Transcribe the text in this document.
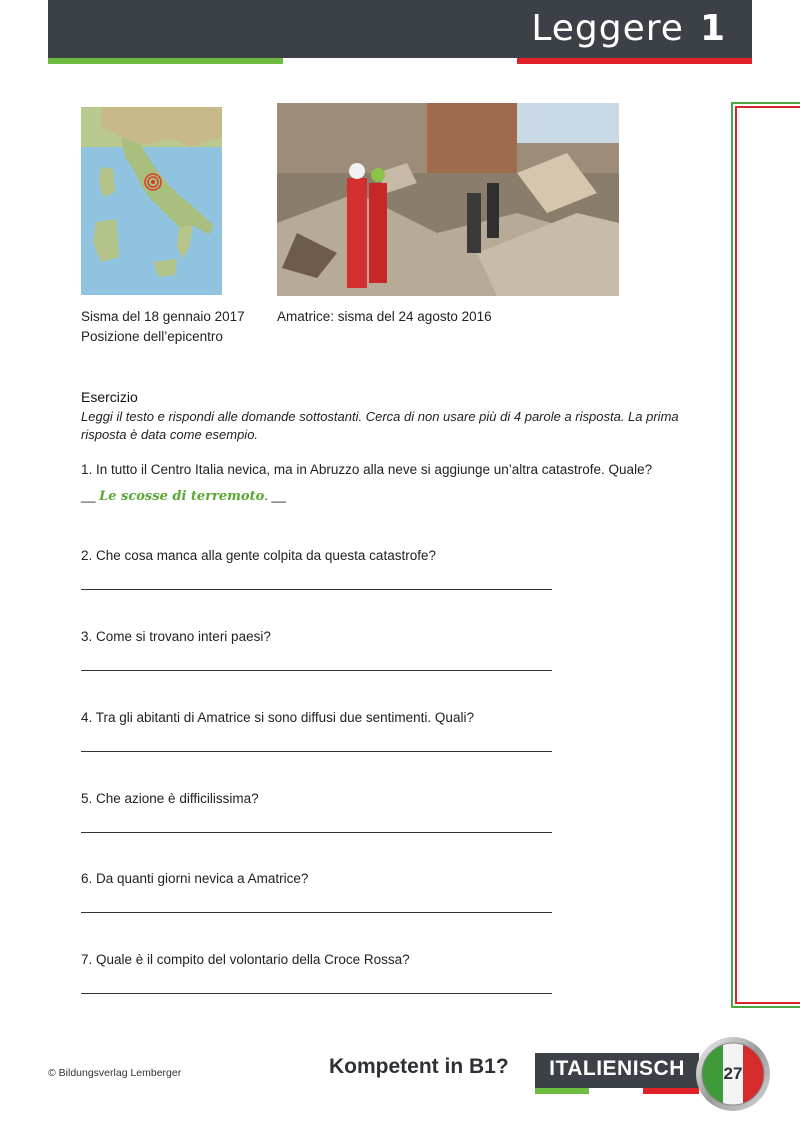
Leggere 1
Sisma del 18 gennaio 2017
Posizione dell’epicentro
Amatrice: sisma del 24 agosto 2016
Esercizio
Leggi il testo e rispondi alle domande sottostanti. Cerca di non usare più di 4 parole a risposta. La prima risposta è data come esempio.
1. In tutto il Centro Italia nevica, ma in Abruzzo alla neve si aggiunge un’altra catastrofe. Quale?
__ Le scosse di terremoto. __
2. Che cosa manca alla gente colpita da questa catastrofe?
3. Come si trovano interi paesi?
4. Tra gli abitanti di Amatrice si sono diffusi due sentimenti. Quali?
5. Che azione è difficilissima?
6. Da quanti giorni nevica a Amatrice?
7. Quale è il compito del volontario della Croce Rossa?
© Bildungsverlag Lemberger	Kompetent in B1?	ITALIENISCH	27
